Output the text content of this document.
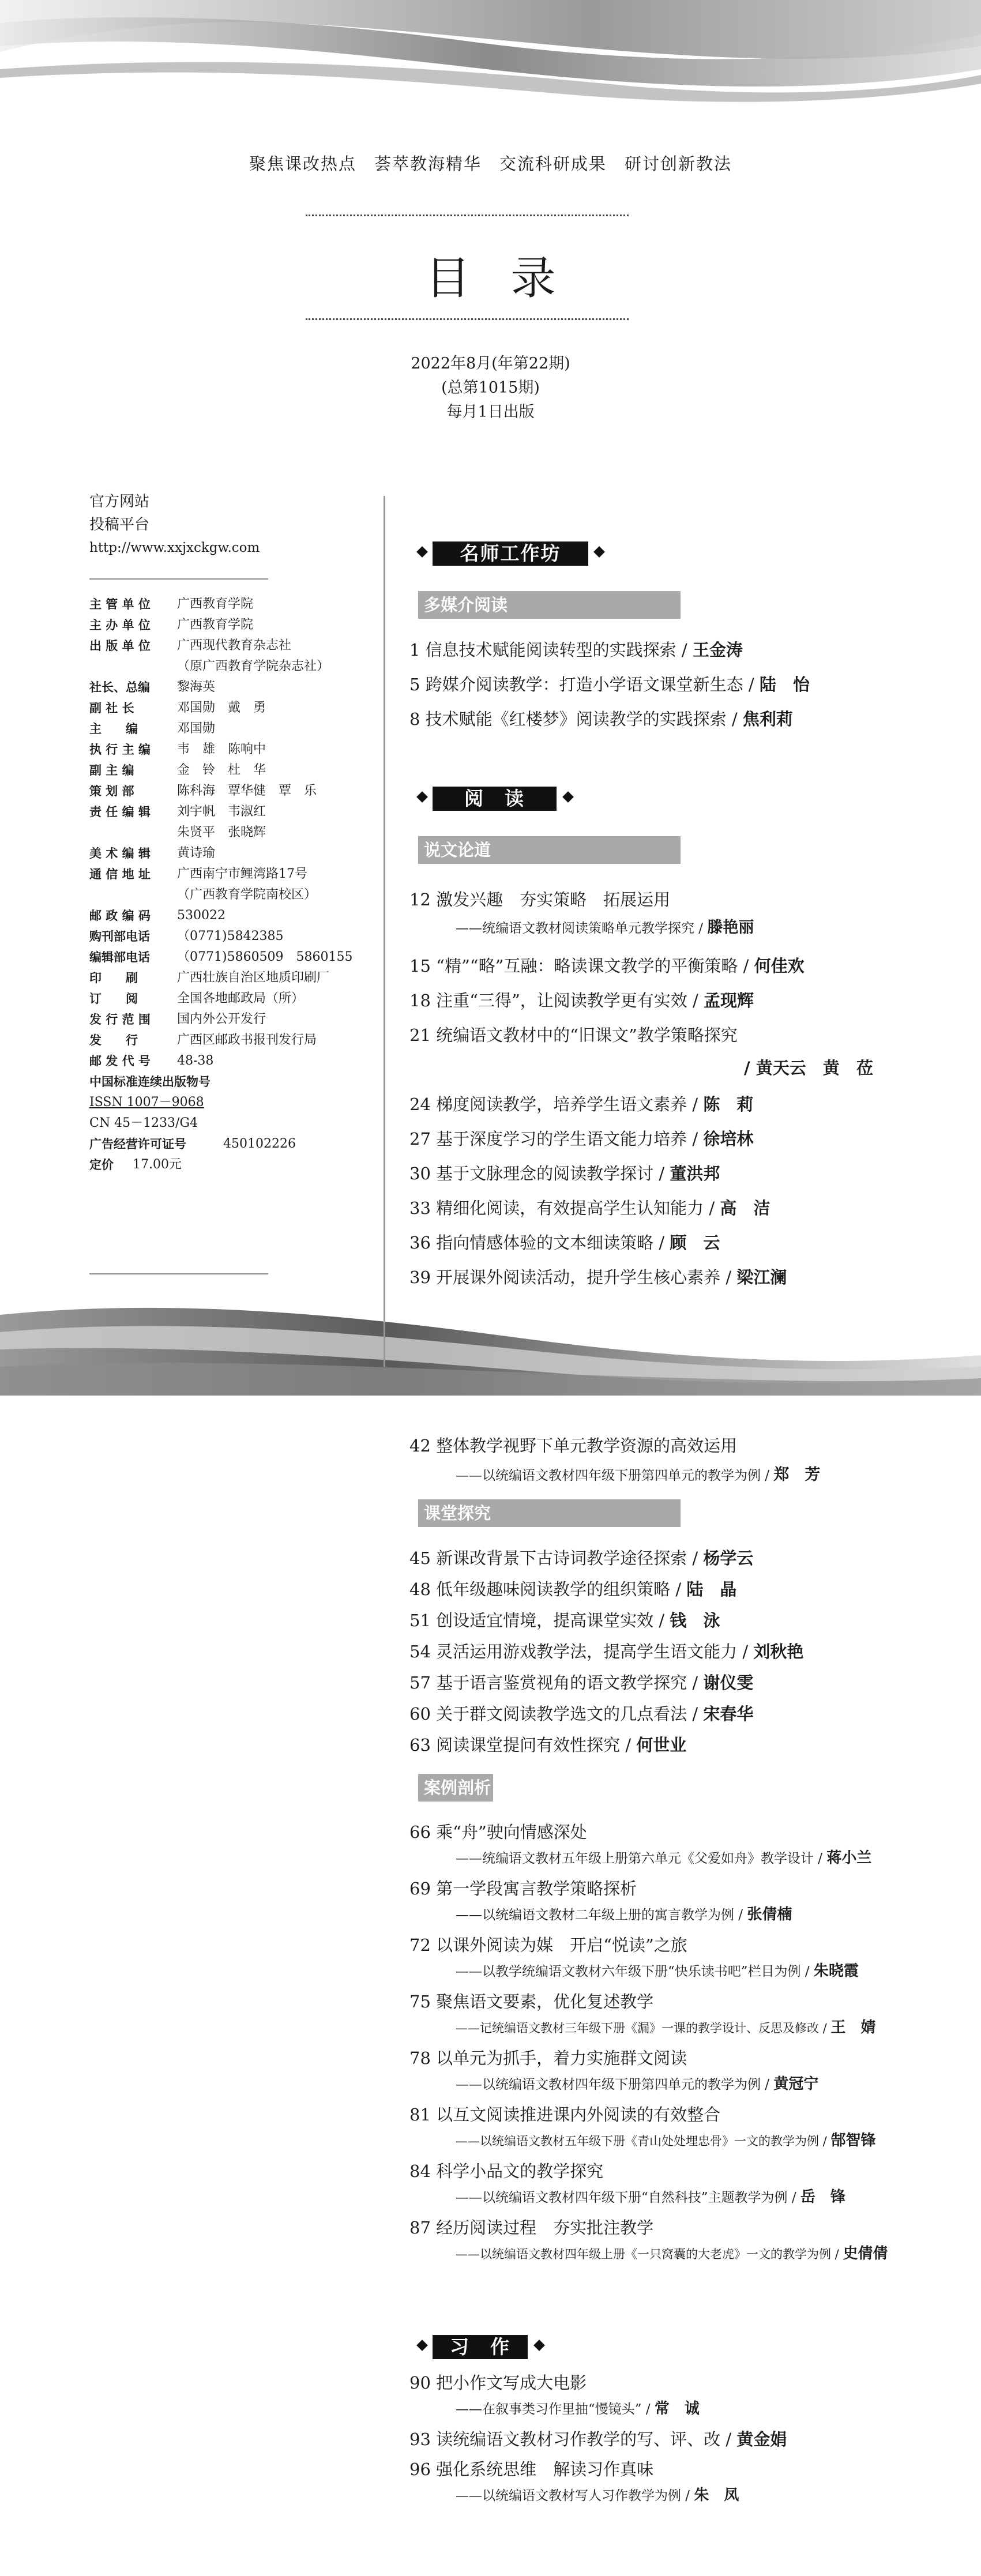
聚焦课改热点　荟萃教海精华　交流科研成果　研讨创新教法
目录
2022年8月(年第22期)
(总第1015期)
每月1日出版
官方网站
投稿平台
http://www.xxjxckgw.com
主 管 单 位	广西教育学院
主 办 单 位	广西教育学院
出 版 单 位	广西现代教育杂志社
（原广西教育学院杂志社）
社长、总编	黎海英
副 社 长	邓国勋　戴　勇
主　　编	邓国勋
执 行 主 编	韦　雄　陈响中
副 主 编	金　铃　杜　华
策 划 部	陈科海　覃华健　覃　乐
责 任 编 辑	刘宇帆　韦淑红
朱贤平　张晓辉
美 术 编 辑	黄诗瑜
通 信 地 址	广西南宁市鲤湾路17号
（广西教育学院南校区）
邮 政 编 码	530022
购刊部电话	（0771)5842385
编辑部电话	（0771)5860509　5860155
印　　刷	广西壮族自治区地质印刷厂
订　　阅	全国各地邮政局（所）
发 行 范 围	国内外公开发行
发　　行	广西区邮政书报刊发行局
邮 发 代 号	48-38
中国标准连续出版物号
ISSN 1007－9068
CN 45－1233/G4
广告经营许可证号	450102226
定价	17.00元
名师工作坊
多媒介阅读
1 信息技术赋能阅读转型的实践探索 / 王金涛
5 跨媒介阅读教学：打造小学语文课堂新生态 / 陆　怡
8 技术赋能《红楼梦》阅读教学的实践探索 / 焦利莉
阅　读
说文论道
12 激发兴趣　夯实策略　拓展运用
——统编语文教材阅读策略单元教学探究 / 滕艳丽
15 “精”“略”互融：略读课文教学的平衡策略 / 何佳欢
18 注重“三得”，让阅读教学更有实效 / 孟现辉
21 统编语文教材中的“旧课文”教学策略探究
/ 黄天云　黄　莅
24 梯度阅读教学，培养学生语文素养 / 陈　莉
27 基于深度学习的学生语文能力培养 / 徐培林
30 基于文脉理念的阅读教学探讨 / 董洪邦
33 精细化阅读，有效提高学生认知能力 / 高　洁
36 指向情感体验的文本细读策略 / 顾　云
39 开展课外阅读活动，提升学生核心素养 / 梁江澜
42 整体教学视野下单元教学资源的高效运用
——以统编语文教材四年级下册第四单元的教学为例 / 郑　芳
课堂探究
45 新课改背景下古诗词教学途径探索 / 杨学云
48 低年级趣味阅读教学的组织策略 / 陆　晶
51 创设适宜情境，提高课堂实效 / 钱　泳
54 灵活运用游戏教学法，提高学生语文能力 / 刘秋艳
57 基于语言鉴赏视角的语文教学探究 / 谢仪雯
60 关于群文阅读教学选文的几点看法 / 宋春华
63 阅读课堂提问有效性探究 / 何世业
案例剖析
66 乘“舟”驶向情感深处
——统编语文教材五年级上册第六单元《父爱如舟》教学设计 / 蒋小兰
69 第一学段寓言教学策略探析
——以统编语文教材二年级上册的寓言教学为例 / 张倩楠
72 以课外阅读为媒　开启“悦读”之旅
——以教学统编语文教材六年级下册“快乐读书吧”栏目为例 / 朱晓霞
75 聚焦语文要素，优化复述教学
——记统编语文教材三年级下册《漏》一课的教学设计、反思及修改 / 王　婧
78 以单元为抓手，着力实施群文阅读
——以统编语文教材四年级下册第四单元的教学为例 / 黄冠宁
81 以互文阅读推进课内外阅读的有效整合
——以统编语文教材五年级下册《青山处处埋忠骨》一文的教学为例 / 郜智锋
84 科学小品文的教学探究
——以统编语文教材四年级下册“自然科技”主题教学为例 / 岳　锋
87 经历阅读过程　夯实批注教学
——以统编语文教材四年级上册《一只窝囊的大老虎》一文的教学为例 / 史倩倩
习　作
90 把小作文写成大电影
——在叙事类习作里抽“慢镜头” / 常　诚
93 读统编语文教材习作教学的写、评、改 / 黄金娟
96 强化系统思维　解读习作真味
——以统编语文教材写人习作教学为例 / 朱　凤
